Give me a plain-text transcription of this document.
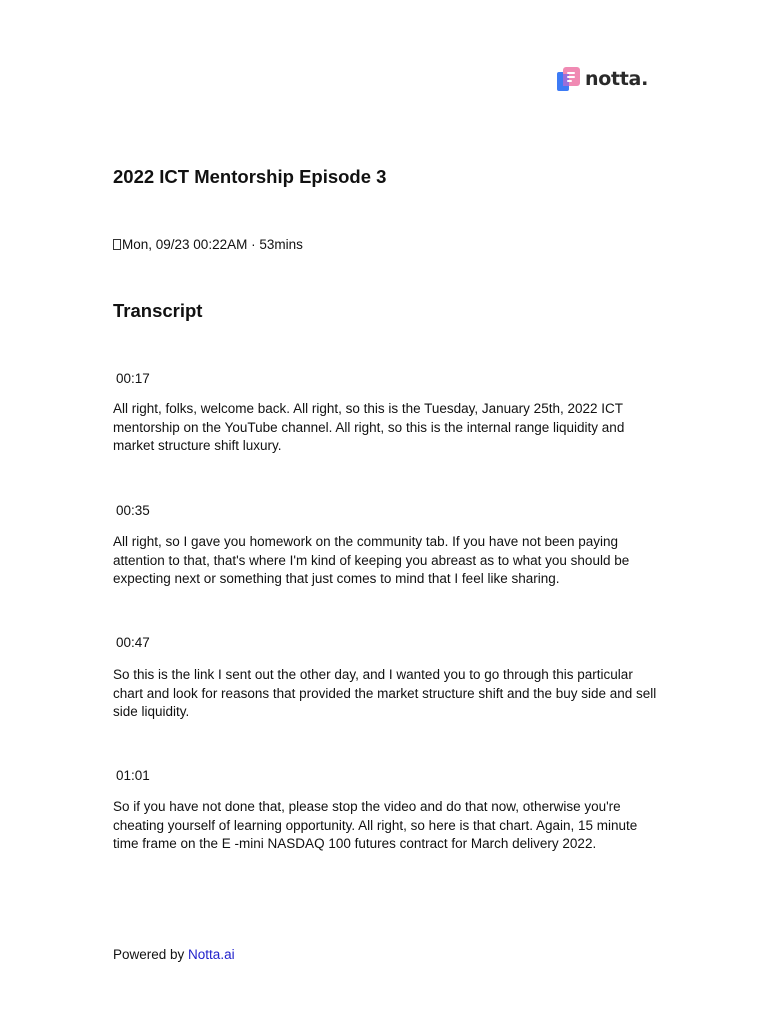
notta.
2022 ICT Mentorship Episode 3
Mon, 09/23 00:22AM · 53mins
Transcript
00:17

All right, folks, welcome back. All right, so this is the Tuesday, January 25th, 2022 ICT mentorship on the YouTube channel. All right, so this is the internal range liquidity and market structure shift luxury.

00:35

All right, so I gave you homework on the community tab. If you have not been paying attention to that, that's where I'm kind of keeping you abreast as to what you should be expecting next or something that just comes to mind that I feel like sharing.

00:47

So this is the link I sent out the other day, and I wanted you to go through this particular chart and look for reasons that provided the market structure shift and the buy side and sell side liquidity.

01:01

So if you have not done that, please stop the video and do that now, otherwise you're cheating yourself of learning opportunity. All right, so here is that chart. Again, 15 minute time frame on the E -mini NASDAQ 100 futures contract for March delivery 2022.

Powered by Notta.ai
